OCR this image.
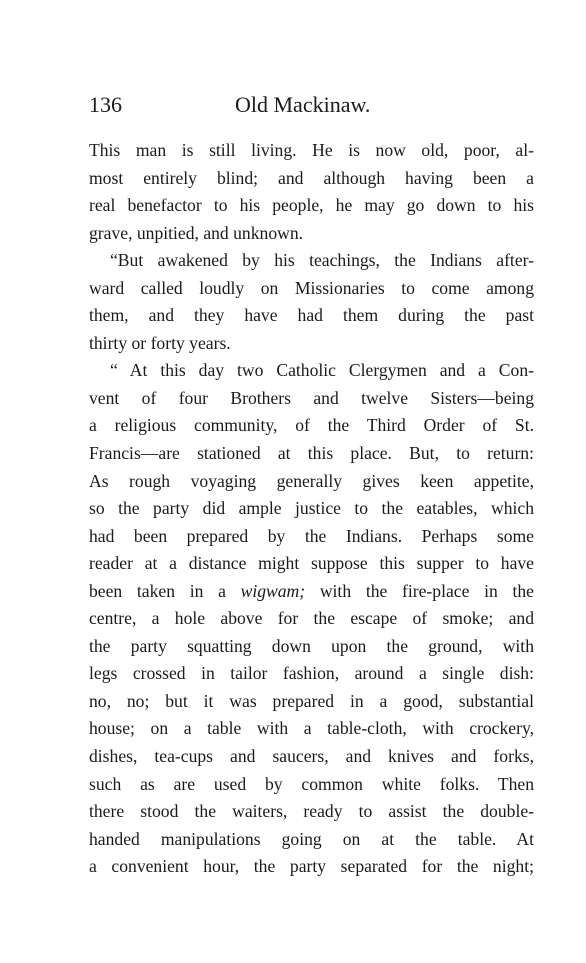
136	Old Mackinaw.
This man is still living. He is now old, poor, al-
most entirely blind; and although having been a
real benefactor to his people, he may go down to his
grave, unpitied, and unknown.
“But awakened by his teachings, the Indians after-
ward called loudly on Missionaries to come among
them, and they have had them during the past
thirty or forty years.
“ At this day two Catholic Clergymen and a Con-
vent of four Brothers and twelve Sisters—being
a religious community, of the Third Order of St.
Francis—are stationed at this place. But, to return:
As rough voyaging generally gives keen appetite,
so the party did ample justice to the eatables, which
had been prepared by the Indians. Perhaps some
reader at a distance might suppose this supper to have
been taken in a wigwam; with the fire-place in the
centre, a hole above for the escape of smoke; and
the party squatting down upon the ground, with
legs crossed in tailor fashion, around a single dish:
no, no; but it was prepared in a good, substantial
house; on a table with a table-cloth, with crockery,
dishes, tea-cups and saucers, and knives and forks,
such as are used by common white folks. Then
there stood the waiters, ready to assist the double-
handed manipulations going on at the table. At
a convenient hour, the party separated for the night;
